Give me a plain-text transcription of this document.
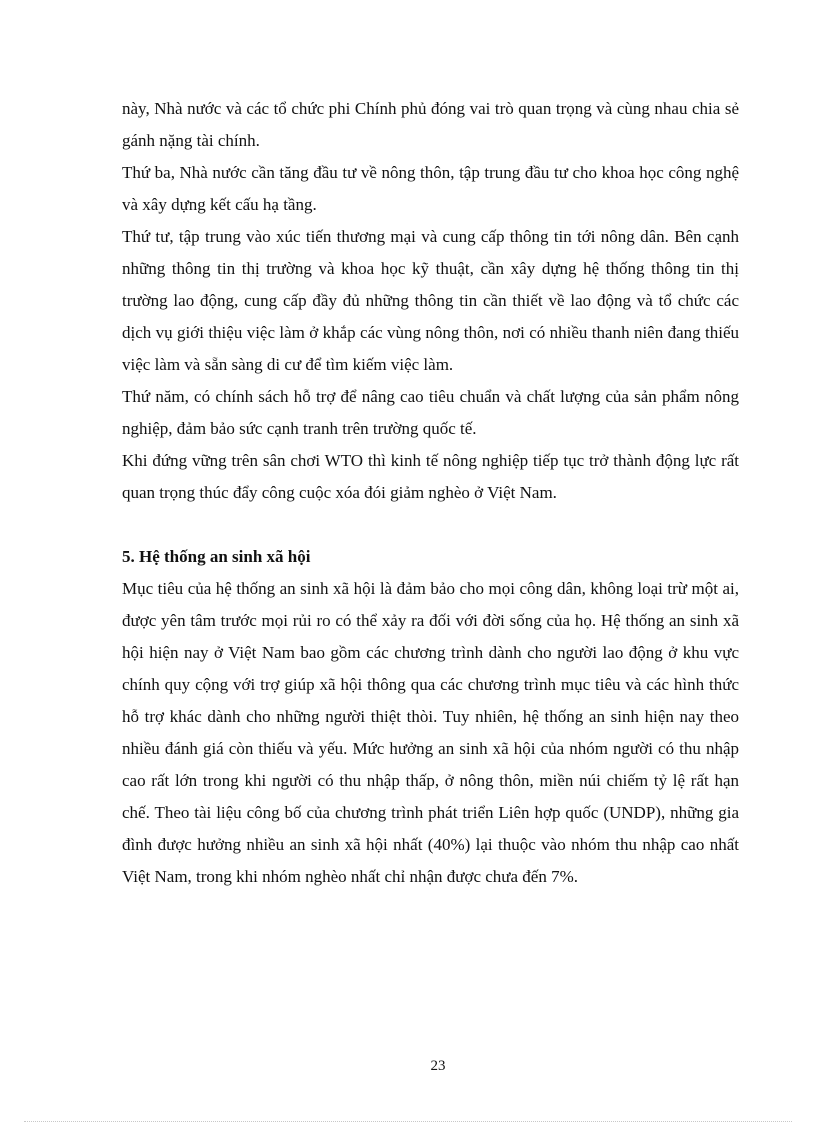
này, Nhà nước và các tổ chức phi Chính phủ đóng vai trò quan trọng và cùng nhau chia sẻ gánh nặng tài chính.

Thứ ba, Nhà nước cần tăng đầu tư về nông thôn, tập trung đầu tư cho khoa học công nghệ và xây dựng kết cấu hạ tầng.

Thứ tư, tập trung vào xúc tiến thương mại và cung cấp thông tin tới nông dân. Bên cạnh những thông tin thị trường và khoa học kỹ thuật, cần xây dựng hệ thống thông tin thị trường lao động, cung cấp đầy đủ những thông tin cần thiết về lao động và tổ chức các dịch vụ giới thiệu việc làm ở khắp các vùng nông thôn, nơi có nhiều thanh niên đang thiếu việc làm và sẵn sàng di cư để tìm kiếm việc làm.

Thứ năm, có chính sách hỗ trợ để nâng cao tiêu chuẩn và chất lượng của sản phẩm nông nghiệp, đảm bảo sức cạnh tranh trên trường quốc tế.

Khi đứng vững trên sân chơi WTO thì kinh tế nông nghiệp tiếp tục trở thành động lực rất quan trọng thúc đẩy công cuộc xóa đói giảm nghèo ở Việt Nam.

5. Hệ thống an sinh xã hội

Mục tiêu của hệ thống an sinh xã hội là đảm bảo cho mọi công dân, không loại trừ một ai, được yên tâm trước mọi rủi ro có thể xảy ra đối với đời sống của họ. Hệ thống an sinh xã hội hiện nay ở Việt Nam bao gồm các chương trình dành cho người lao động ở khu vực chính quy cộng với trợ giúp xã hội thông qua các chương trình mục tiêu và các hình thức hỗ trợ khác dành cho những người thiệt thòi. Tuy nhiên, hệ thống an sinh hiện nay theo nhiều đánh giá còn thiếu và yếu. Mức hưởng an sinh xã hội của nhóm người có thu nhập cao rất lớn trong khi người có thu nhập thấp, ở nông thôn, miền núi chiếm tỷ lệ rất hạn chế. Theo tài liệu công bố của chương trình phát triển Liên hợp quốc (UNDP), những gia đình được hưởng nhiều an sinh xã hội nhất (40%) lại thuộc vào nhóm thu nhập cao nhất Việt Nam, trong khi nhóm nghèo nhất chỉ nhận được chưa đến 7%.

23
